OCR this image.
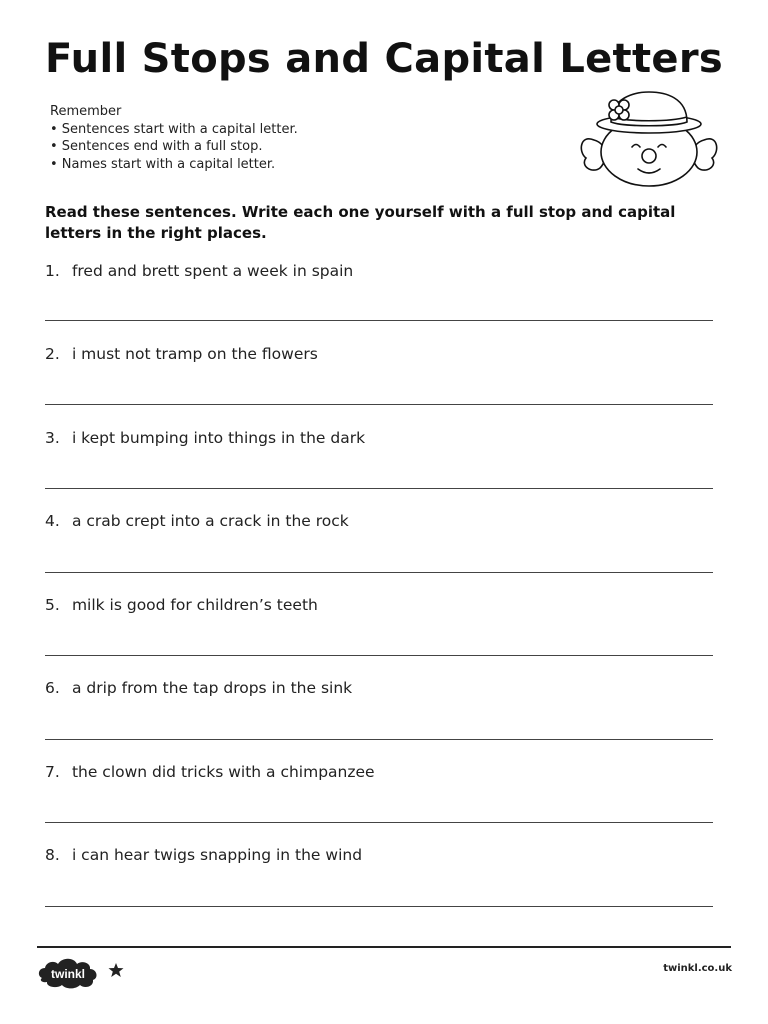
Full Stops and Capital Letters
Remember
• Sentences start with a capital letter.
• Sentences end with a full stop.
• Names start with a capital letter.
Read these sentences. Write each one yourself with a full stop and capital letters in the right places.
1. fred and brett spent a week in spain
2. i must not tramp on the flowers
3. i kept bumping into things in the dark
4. a crab crept into a crack in the rock
5. milk is good for children’s teeth
6. a drip from the tap drops in the sink
7. the clown did tricks with a chimpanzee
8. i can hear twigs snapping in the wind
twinkl	twinkl.co.uk
